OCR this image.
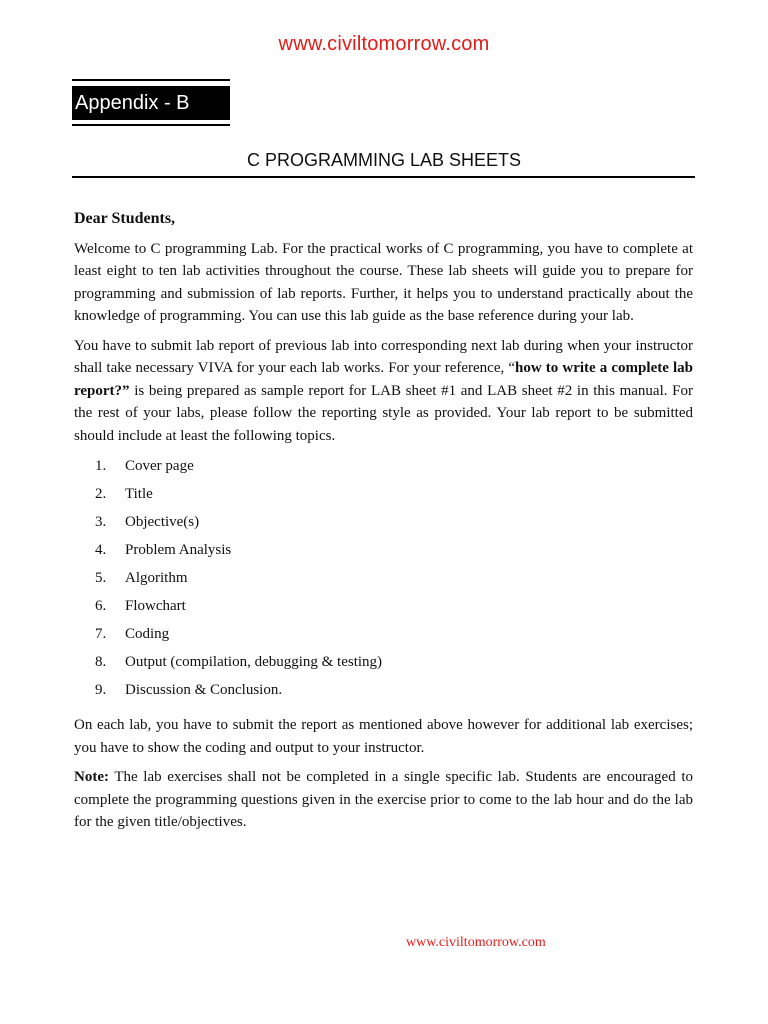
www.civiltomorrow.com
Appendix - B
C PROGRAMMING LAB SHEETS

Dear Students,

Welcome to C programming Lab. For the practical works of C programming, you have to complete at least eight to ten lab activities throughout the course. These lab sheets will guide you to prepare for programming and submission of lab reports. Further, it helps you to understand practically about the knowledge of programming. You can use this lab guide as the base reference during your lab.

You have to submit lab report of previous lab into corresponding next lab during when your instructor shall take necessary VIVA for your each lab works. For your reference, “how to write a complete lab report?” is being prepared as sample report for LAB sheet #1 and LAB sheet #2 in this manual. For the rest of your labs, please follow the reporting style as provided. Your lab report to be submitted should include at least the following topics.

1.	Cover page
2.	Title
3.	Objective(s)
4.	Problem Analysis
5.	Algorithm
6.	Flowchart
7.	Coding
8.	Output (compilation, debugging & testing)
9.	Discussion & Conclusion.

On each lab, you have to submit the report as mentioned above however for additional lab exercises; you have to show the coding and output to your instructor.

Note: The lab exercises shall not be completed in a single specific lab. Students are encouraged to complete the programming questions given in the exercise prior to come to the lab hour and do the lab for the given title/objectives.

www.civiltomorrow.com
